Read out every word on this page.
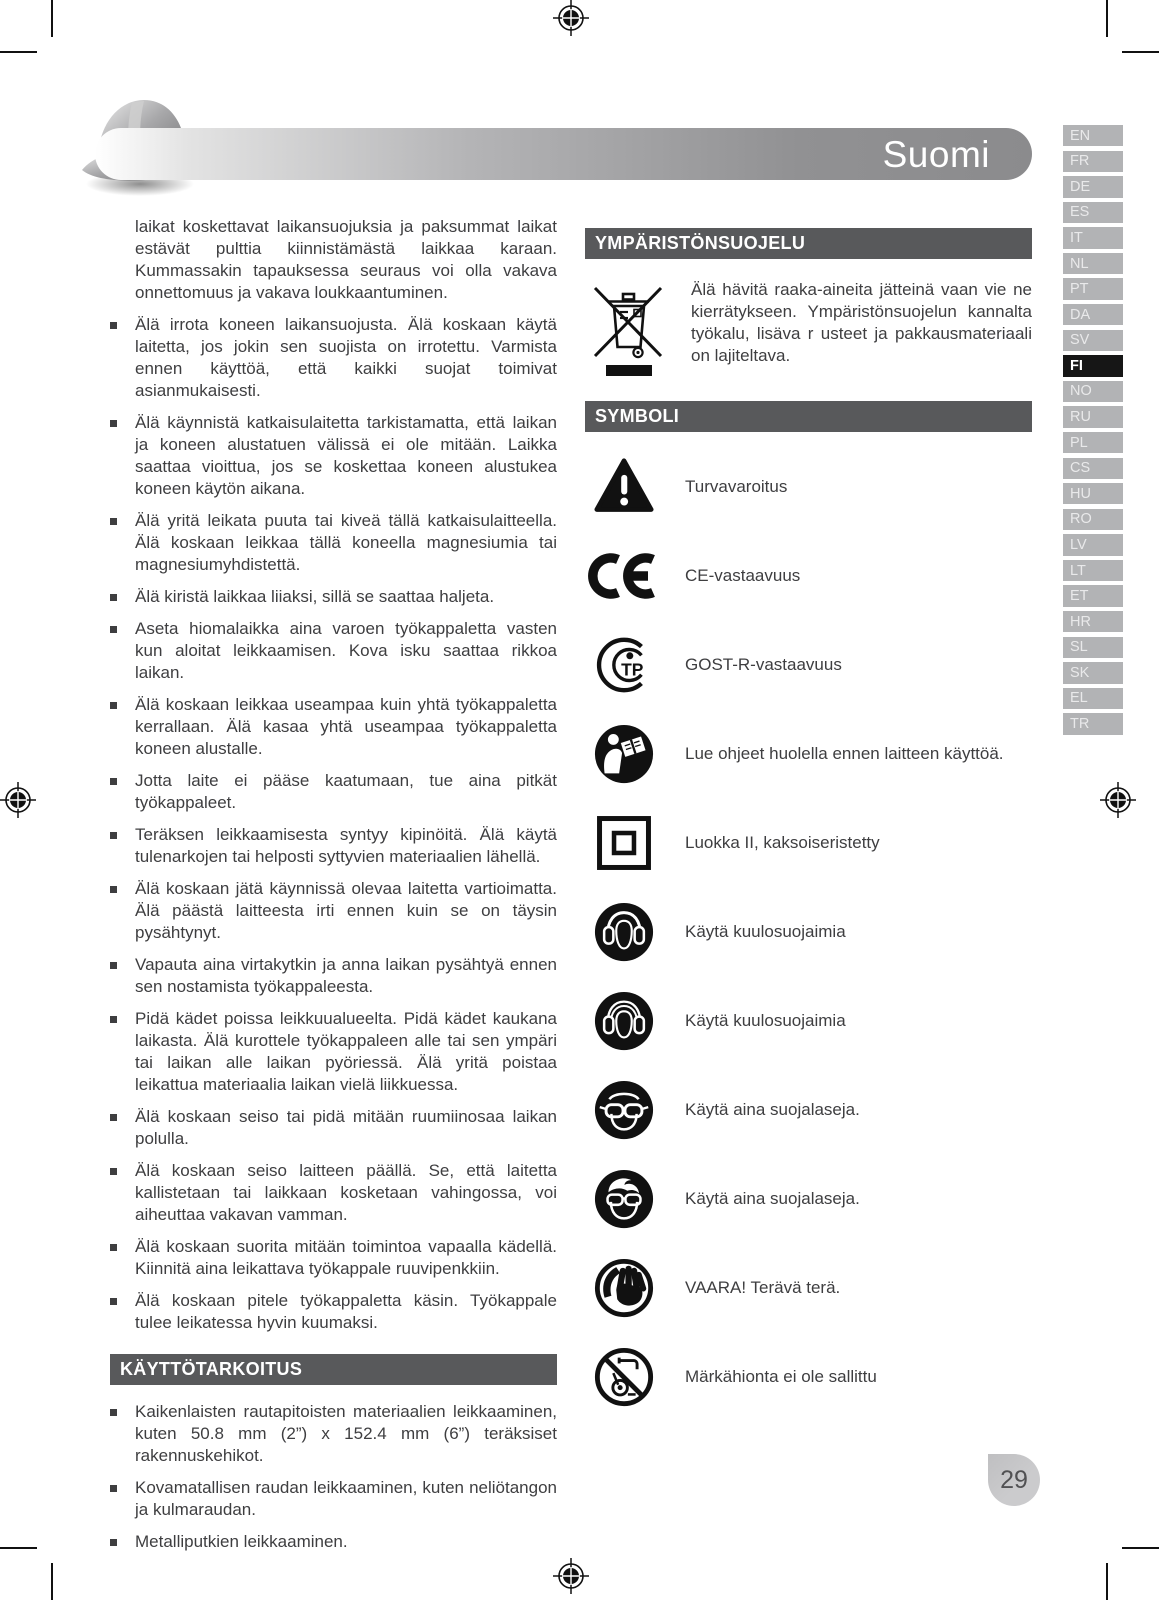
Suomi	EN
FR
DE
ES
IT
NL
PT
DA
SV
FI
NO
RU
PL
CS
HU
RO
LV
LT
ET
HR
SL
SK
EL
TR

laikat koskettavat laikansuojuksia ja paksummat laikat estävät pulttia kiinnistämästä laikkaa karaan. Kummassakin tapauksessa seuraus voi olla vakava onnettomuus ja vakava loukkaantuminen.

Älä irrota koneen laikansuojusta. Älä koskaan käytä laitetta, jos jokin sen suojista on irrotettu. Varmista ennen käyttöä, että kaikki suojat toimivat asianmukaisesti.
Älä käynnistä katkaisulaitetta tarkistamatta, että laikan ja koneen alustatuen välissä ei ole mitään. Laikka saattaa vioittua, jos se koskettaa koneen alustukea koneen käytön aikana.
Älä yritä leikata puuta tai kiveä tällä katkaisulaitteella. Älä koskaan leikkaa tällä koneella magnesiumia tai magnesiumyhdistettä.
Älä kiristä laikkaa liiaksi, sillä se saattaa haljeta.
Aseta hiomalaikka aina varoen työkappaletta vasten kun aloitat leikkaamisen. Kova isku saattaa rikkoa laikan.
Älä koskaan leikkaa useampaa kuin yhtä työkappaletta kerrallaan. Älä kasaa yhtä useampaa työkappaletta koneen alustalle.
Jotta laite ei pääse kaatumaan, tue aina pitkät työkappaleet.
Teräksen leikkaamisesta syntyy kipinöitä. Älä käytä tulenarkojen tai helposti syttyvien materiaalien lähellä.
Älä koskaan jätä käynnissä olevaa laitetta vartioimatta. Älä päästä laitteesta irti ennen kuin se on täysin pysähtynyt.
Vapauta aina virtakytkin ja anna laikan pysähtyä ennen sen nostamista työkappaleesta.
Pidä kädet poissa leikkuualueelta. Pidä kädet kaukana laikasta. Älä kurottele työkappaleen alle tai sen ympäri tai laikan alle laikan pyöriessä. Älä yritä poistaa leikattua materiaalia laikan vielä liikkuessa.
Älä koskaan seiso tai pidä mitään ruumiinosaa laikan polulla.
Älä koskaan seiso laitteen päällä. Se, että laitetta kallistetaan tai laikkaan kosketaan vahingossa, voi aiheuttaa vakavan vamman.
Älä koskaan suorita mitään toimintoa vapaalla kädellä. Kiinnitä aina leikattava työkappale ruuvipenkkiin.
Älä koskaan pitele työkappaletta käsin. Työkappale tulee leikatessa hyvin kuumaksi.
KÄYTTÖTARKOITUS
Kaikenlaisten rautapitoisten materiaalien leikkaaminen, kuten 50.8 mm (2”) x 152.4 mm (6”) teräksiset rakennuskehikot.
Kovamatallisen raudan leikkaaminen, kuten neliötangon ja kulmaraudan.
Metalliputkien leikkaaminen.
YMPÄRISTÖNSUOJELU

Älä hävitä raaka-aineita jätteinä vaan vie ne kierrätykseen. Ympäristönsuojelun kannalta työkalu, lisäva r usteet ja pakkausmateriaali on lajiteltava.

SYMBOLI
Turvavaroitus
CE-vastaavuus
TP GOST-R-vastaavuus
Lue ohjeet huolella ennen laitteen käyttöä.
Luokka II, kaksoiseristetty
Käytä kuulosuojaimia
Käytä kuulosuojaimia
Käytä aina suojalaseja.
Käytä aina suojalaseja.
VAARA! Terävä terä.
Märkähionta ei ole sallittu
29
